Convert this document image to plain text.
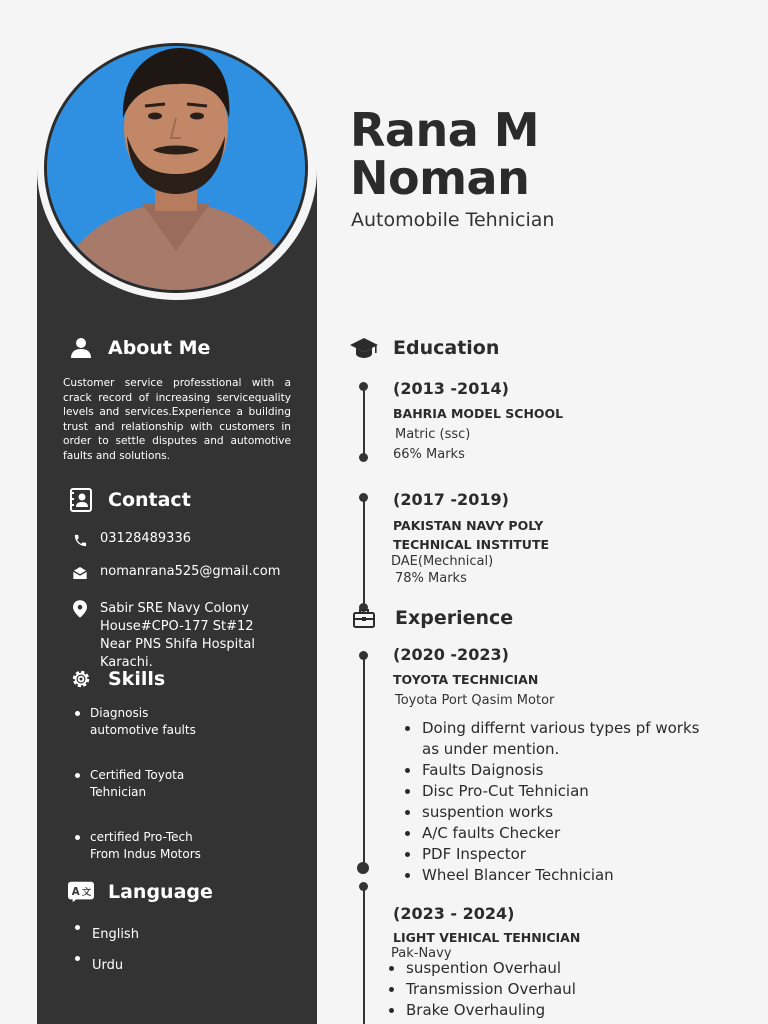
Rana M
Noman
Automobile Tehnician
About Me
Customer service professtional with a crack record of increasing servicequality levels and services.Experience a building trust and relationship with customers in order to settle disputes and automotive faults and solutions.
Contact
03128489336
nomanrana525@gmail.com
Sabir SRE Navy Colony
House#CPO-177 St#12
Near PNS Shifa Hospital
Karachi.
Skills
Diagnosis
automotive faults
Certified Toyota
Tehnician
certified Pro-Tech
From Indus Motors
A 文 Language
English
Urdu
Education
(2013 -2014)
BAHRIA MODEL SCHOOL
Matric (ssc)
66% Marks
(2017 -2019)
PAKISTAN NAVY POLY
TECHNICAL INSTITUTE
DAE(Mechnical)
78% Marks
Experience
(2020 -2023)
TOYOTA TECHNICIAN
Toyota Port Qasim Motor
Doing differnt various types pf works
as under mention.
Faults Daignosis
Disc Pro-Cut Tehnician
suspention works
A/C faults Checker
PDF Inspector
Wheel Blancer Technician
(2023 - 2024)
LIGHT VEHICAL TEHNICIAN
Pak-Navy
suspention Overhaul
Transmission Overhaul
Brake Overhauling
